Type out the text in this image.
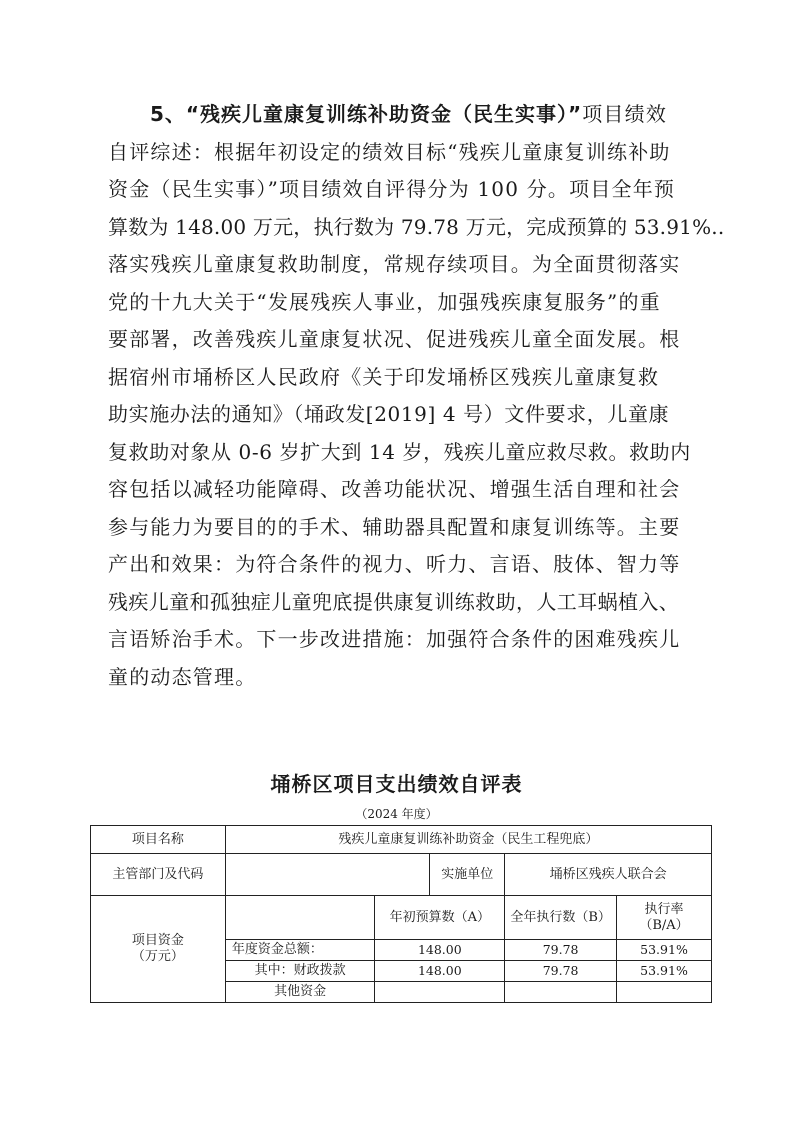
5、“残疾儿童康复训练补助资金（民生实事）”项目绩效
自评综述：根据年初设定的绩效目标“残疾儿童康复训练补助
资金（民生实事）”项目绩效自评得分为 100 分。项目全年预
算数为 148.00 万元，执行数为 79.78 万元，完成预算的 53.91%..
落实残疾儿童康复救助制度，常规存续项目。为全面贯彻落实
党的十九大关于“发展残疾人事业，加强残疾康复服务”的重
要部署，改善残疾儿童康复状况、促进残疾儿童全面发展。根
据宿州市埇桥区人民政府《关于印发埇桥区残疾儿童康复救
助实施办法的通知》（埇政发[2019] 4 号）文件要求，儿童康
复救助对象从 0-6 岁扩大到 14 岁，残疾儿童应救尽救。救助内
容包括以减轻功能障碍、改善功能状况、增强生活自理和社会
参与能力为要目的的手术、辅助器具配置和康复训练等。主要
产出和效果：为符合条件的视力、听力、言语、肢体、智力等
残疾儿童和孤独症儿童兜底提供康复训练救助，人工耳蜗植入、
言语矫治手术。下一步改进措施：加强符合条件的困难残疾儿
童的动态管理。
埇桥区项目支出绩效自评表
（2024 年度）
项目名称	残疾儿童康复训练补助资金（民生工程兜底）				
主管部门及代码			实施单位	埇桥区残疾人联合会	
项目资金（万元）		年初预算数（A）		全年执行数（B）	执行率（B/A）
	年度资金总额：	148.00		79.78	53.91%
	其中：财政拨款	148.00		79.78	53.91%
	其他资金				
